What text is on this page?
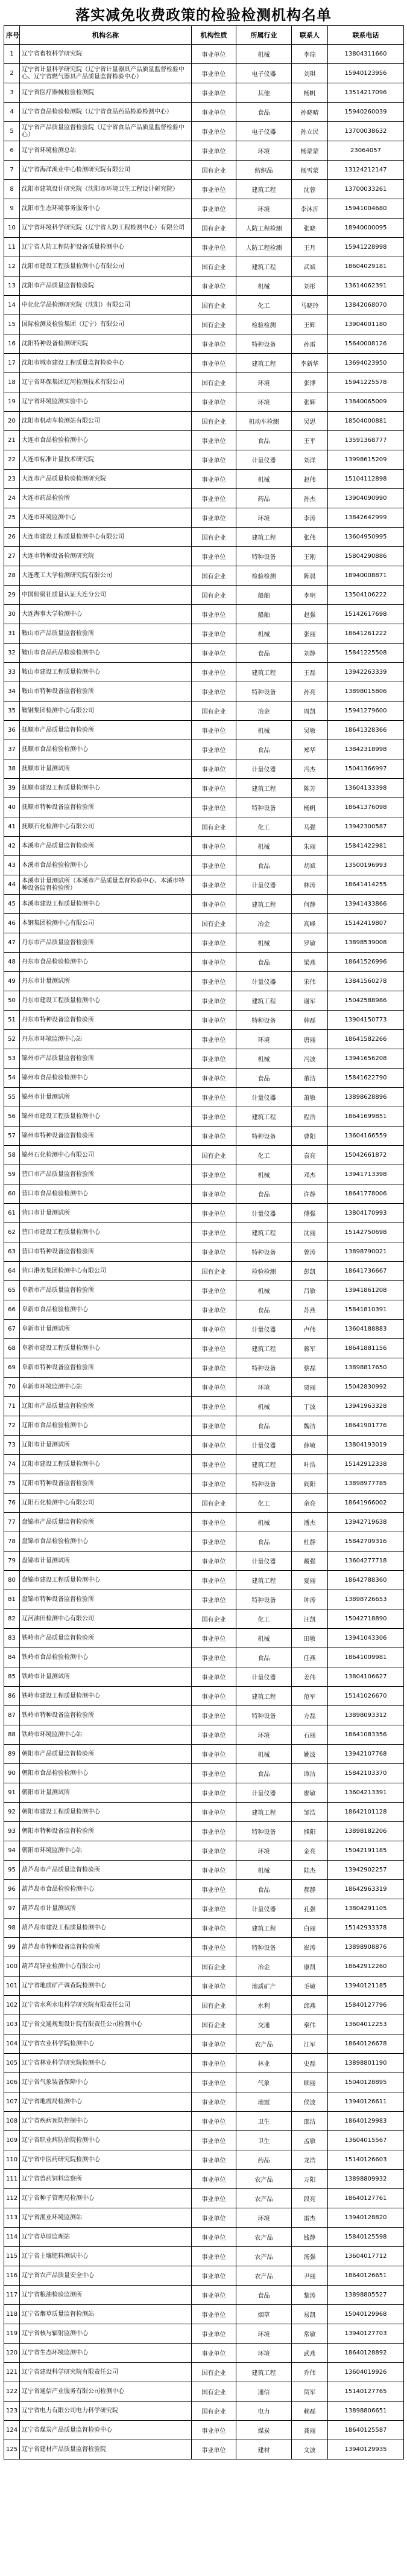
落实减免收费政策的检验检测机构名单
序号	机构名称	机构性质	所属行业	联系人	联系电话
1	辽宁省畜牧科学研究院	事业单位	机械	李瑞	13804311660
2	辽宁省计量科学研究院（辽宁省计量器具产品质量监督检验中心、辽宁省燃气器具产品质量监督检验中心）	事业单位	电子仪器	刘琪	15940123956
3	辽宁省医疗器械检验检测院	事业单位	其他	杨帆	13514217096
4	辽宁省食品检验检测院（辽宁省食品药品检验检测中心）	事业单位	食品	孙晓晴	15940260039
5	辽宁省产品质量监督检验院（辽宁省食品产品质量监督检验中心）	事业单位	电子仪器	孙立民	13700038632
6	辽宁省环境检测总站	事业单位	环境	杨蒙蒙	23064057
7	辽宁省海洋渔业中心检测研究院有限公司	国有企业	纺织品	杨雪蒙	13124212147
8	沈阳市建筑设计研究院（沈阳市环境卫生工程设计研究院）	事业单位	建筑工程	沈蓉	13700033261
9	沈阳市生态环境事务服务中心	事业单位	环境	李沐沂	15941004680
10	辽宁省环境科学研究院（辽宁省人防工程检测中心）有限公司	国有企业	人防工程检测	张晓	18940000095
11	辽宁省人防工程防护设备质量检测中心	事业单位	人防工程检测	王月	15941228998
12	沈阳市建设工程质量检测中心有限公司	国有企业	建筑工程	武斌	18604029181
13	沈阳市产品质量监督检验院	事业单位	机械	刘彤	13614062391
14	中化化学品检测研究院（沈阳）有限公司	国有企业	化工	马晓玲	13842068070
15	国际检测及检验集团（辽宁）有限公司	国有企业	检验检测	王辉	13904001180
16	沈阳特种设备检测研究院	事业单位	特种设备	孙雷	15640008126
17	沈阳市城市建设工程质量监督检验中心	事业单位	建筑工程	李新华	13694023950
18	辽宁省环保集团辽河检测技术有限公司	国有企业	环境	张博	15941225578
19	辽宁省环境监测实验中心	事业单位	环境	张辉	13840065009
20	沈阳市机动车检测站有限公司	国有企业	机动车检测	吴思	18504000881
21	大连市食品检验检测中心	事业单位	食品	王平	13591368777
22	大连市标准计量技术研究院	事业单位	计量仪器	刘洋	13998615209
23	大连市产品质量检验检测研究院	事业单位	机械	赵伟	15104112898
24	大连市药品检验所	事业单位	药品	孙杰	13904090990
25	大连市环境监测中心	事业单位	环境	李涛	13842642999
26	大连市建设工程质量检测中心有限公司	国有企业	建筑工程	张伟	13604950995
27	大连市特种设备检测研究院	事业单位	特种设备	王刚	15804290886
28	大连理工大学检测研究院有限公司	国有企业	检验检测	陈晨	18940008871
29	中国船级社质量认证大连分公司	国有企业	船舶	李明	13504106222
30	大连海事大学检测中心	事业单位	船舶	赵强	15142617698
31	鞍山市产品质量监督检验所	事业单位	机械	张丽	18641261222
32	鞍山市食品药品检验检测中心	事业单位	食品	刘静	15841225508
33	鞍山市建设工程质量检测中心	事业单位	建筑工程	王磊	13942263339
34	鞍山市特种设备监督检验所	事业单位	特种设备	孙亮	13898015806
35	鞍钢集团检测中心有限公司	国有企业	冶金	周凯	15941279600
36	抚顺市产品质量监督检验所	事业单位	机械	吴敏	18641328366
37	抚顺市食品检验检测中心	事业单位	食品	郑华	13842318998
38	抚顺市计量测试所	事业单位	计量仪器	冯杰	15041366997
39	抚顺市建设工程质量检测中心	事业单位	建筑工程	陈芳	13604133398
40	抚顺市特种设备监督检验所	事业单位	特种设备	杨帆	18641376098
41	抚顺石化检测中心有限公司	国有企业	化工	马强	13942300587
42	本溪市产品质量监督检验所	事业单位	机械	朱丽	15841422981
43	本溪市食品检验检测中心	事业单位	食品	胡斌	13500196993
44	本溪市计量测试所（本溪市产品质量监督检验中心、本溪市特种设备监督检验所）	事业单位	计量仪器	林涛	18641414255
45	本溪市建设工程质量检测中心	事业单位	建筑工程	何静	13941433866
46	本钢集团检测中心有限公司	国有企业	冶金	高峰	15142419807
47	丹东市产品质量监督检验所	事业单位	机械	罗敏	13898539008
48	丹东市食品检验检测中心	事业单位	食品	梁燕	18641526996
49	丹东市计量测试所	事业单位	计量仪器	宋伟	13841560278
50	丹东市建设工程质量检测中心	事业单位	建筑工程	谢军	15042588986
51	丹东市特种设备监督检验所	事业单位	特种设备	韩磊	13904150773
52	丹东市环境监测中心站	事业单位	环境	唐丽	18641582266
53	锦州市产品质量监督检验所	事业单位	机械	冯波	13941656208
54	锦州市食品检验检测中心	事业单位	食品	董洁	15841622790
55	锦州市计量测试所	事业单位	计量仪器	萧敏	13898628896
56	锦州市建设工程质量检测中心	事业单位	建筑工程	程浩	18641699851
57	锦州市特种设备监督检验所	事业单位	特种设备	曹阳	13604166559
58	锦州石化检测中心有限公司	国有企业	化工	袁亮	15042661872
59	营口市产品质量监督检验所	事业单位	机械	邓杰	13941713398
60	营口市食品检验检测中心	事业单位	食品	许静	18641778006
61	营口市计量测试所	事业单位	计量仪器	傅强	13804170993
62	营口市建设工程质量检测中心	事业单位	建筑工程	沈丽	15142750698
63	营口市特种设备监督检验所	事业单位	特种设备	曾涛	13898790021
64	营口港务集团检测中心有限公司	国有企业	检验检测	彭凯	18641736667
65	阜新市产品质量监督检验所	事业单位	机械	吕敏	13941861208
66	阜新市食品检验检测中心	事业单位	食品	苏燕	15841810391
67	阜新市计量测试所	事业单位	计量仪器	卢伟	13604188883
68	阜新市建设工程质量检测中心	事业单位	建筑工程	蒋军	18641881156
69	阜新市特种设备监督检验所	事业单位	特种设备	蔡磊	13898817650
70	阜新市环境监测中心站	事业单位	环境	贾丽	15042830992
71	辽阳市产品质量监督检验所	事业单位	机械	丁波	13941963328
72	辽阳市食品检验检测中心	事业单位	食品	魏洁	18641901776
73	辽阳市计量测试所	事业单位	计量仪器	薛敏	13804193019
74	辽阳市建设工程质量检测中心	事业单位	建筑工程	叶浩	15142912338
75	辽阳市特种设备监督检验所	事业单位	特种设备	阎阳	13898977785
76	辽阳石化检测中心有限公司	国有企业	化工	余亮	18641966002
77	盘锦市产品质量监督检验所	事业单位	机械	潘杰	13942719638
78	盘锦市食品检验检测中心	事业单位	食品	杜静	15842709316
79	盘锦市计量测试所	事业单位	计量仪器	戴强	13604277718
80	盘锦市建设工程质量检测中心	事业单位	建筑工程	夏丽	18642788360
81	盘锦市特种设备监督检验所	事业单位	特种设备	钟涛	13898726653
82	辽河油田检测中心有限公司	国有企业	化工	汪凯	15042718890
83	铁岭市产品质量监督检验所	事业单位	机械	田敏	13941043306
84	铁岭市食品检验检测中心	事业单位	食品	任燕	18641009981
85	铁岭市计量测试所	事业单位	计量仪器	姜伟	13804106627
86	铁岭市建设工程质量检测中心	事业单位	建筑工程	范军	15141026670
87	铁岭市特种设备监督检验所	事业单位	特种设备	方磊	13898093312
88	铁岭市环境监测中心站	事业单位	环境	石丽	18641083356
89	朝阳市产品质量监督检验所	事业单位	机械	姚波	13942107768
90	朝阳市食品检验检测中心	事业单位	食品	谭洁	15842103370
91	朝阳市计量测试所	事业单位	计量仪器	廖敏	13604213391
92	朝阳市建设工程质量检测中心	事业单位	建筑工程	邹浩	18642101128
93	朝阳市特种设备监督检验所	事业单位	特种设备	熊阳	13898182206
94	朝阳市环境监测中心站	事业单位	环境	金亮	15042191185
95	葫芦岛市产品质量监督检验所	事业单位	机械	陆杰	13942902257
96	葫芦岛市食品检验检测中心	事业单位	食品	郝静	18642963319
97	葫芦岛市计量测试所	事业单位	计量仪器	孔强	13804291105
98	葫芦岛市建设工程质量检测中心	事业单位	建筑工程	白丽	15142933378
99	葫芦岛市特种设备监督检验所	事业单位	特种设备	崔涛	13898908876
100	葫芦岛锌业检测中心有限公司	国有企业	冶金	康凯	18642912260
101	辽宁省地质矿产调查院检测中心	事业单位	地质矿产	毛敏	13940121185
102	辽宁省水利水电科学研究院有限责任公司	国有企业	水利	邱燕	15840127796
103	辽宁省交通规划设计院有限责任公司检测中心	国有企业	交通	秦伟	13604012253
104	辽宁省农业科学院检测中心	事业单位	农产品	江军	18640126678
105	辽宁省林业科学研究院检测中心	事业单位	林业	史磊	13898801190
106	辽宁省气象装备保障中心	事业单位	气象	顾丽	15040128895
107	辽宁省地震局检测中心	事业单位	地震	侯波	13940126611
108	辽宁省疾病预防控制中心	事业单位	卫生	邵洁	18640129983
109	辽宁省职业病防治院检测中心	事业单位	卫生	孟敏	13604015567
110	辽宁省中医药研究院检测中心	事业单位	药品	龙浩	15140126603
111	辽宁省兽药饲料监察所	事业单位	农产品	万阳	13898809932
112	辽宁省种子管理局检测中心	事业单位	农产品	段亮	18640127761
113	辽宁省渔业环境监测站	事业单位	环境	雷杰	13940128820
114	辽宁省草原监理站	事业单位	农产品	钱静	15840125598
115	辽宁省土壤肥料测试中心	事业单位	农产品	汤强	13604017712
116	辽宁省农产品质量安全中心	事业单位	农产品	尹丽	18640126651
117	辽宁省粮油检验监测所	事业单位	食品	黎涛	13898805527
118	辽宁省烟草质量监督检测站	事业单位	烟草	易凯	15040129968
119	辽宁省核与辐射监测中心	事业单位	环境	常敏	13940127703
120	辽宁省生态环境监测中心	事业单位	环境	武燕	18640128892
121	辽宁省建设科学研究院有限责任公司	国有企业	建筑工程	乔伟	13604019926
122	辽宁省通信产业服务有限公司检测中心	国有企业	通信	贺军	15140127765
123	辽宁省电力有限公司电力科学研究院	国有企业	电力	赖磊	13898806651
124	辽宁省煤炭产品质量监督检验中心	事业单位	煤炭	龚丽	18640125587
125	辽宁省建材产品质量监督检验院	事业单位	建材	文波	13940129935
